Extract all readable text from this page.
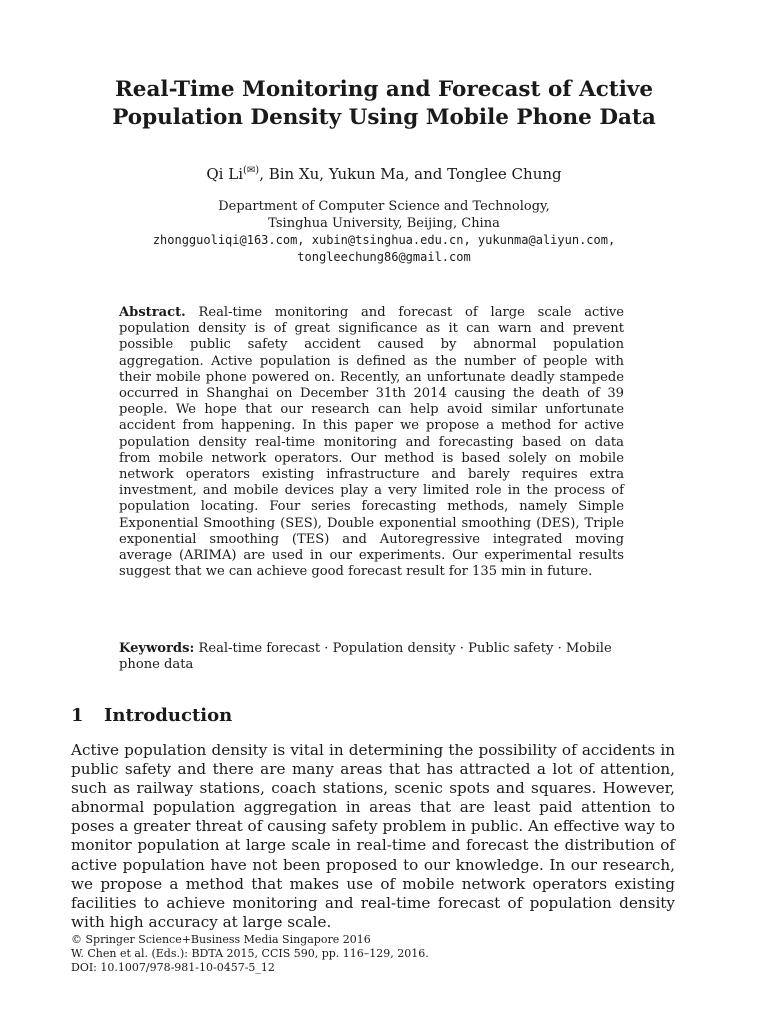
Real-Time Monitoring and Forecast of Active
Population Density Using Mobile Phone Data
Qi Li(✉), Bin Xu, Yukun Ma, and Tonglee Chung
Department of Computer Science and Technology,
Tsinghua University, Beijing, China
zhongguoliqi@163.com, xubin@tsinghua.edu.cn, yukunma@aliyun.com,
tongleechung86@gmail.com
Abstract. Real-time monitoring and forecast of large scale active population density is of great significance as it can warn and prevent possible public safety accident caused by abnormal population aggregation. Active population is defined as the number of people with their mobile phone powered on. Recently, an unfortunate deadly stampede occurred in Shanghai on December 31th 2014 causing the death of 39 people. We hope that our research can help avoid similar unfortunate accident from happening. In this paper we propose a method for active population density real-time monitoring and forecasting based on data from mobile network operators. Our method is based solely on mobile network operators existing infrastructure and barely requires extra investment, and mobile devices play a very limited role in the process of population locating. Four series forecasting methods, namely Simple Exponential Smoothing (SES), Double exponential smoothing (DES), Triple exponential smoothing (TES) and Autoregressive integrated moving average (ARIMA) are used in our experiments. Our experimental results suggest that we can achieve good forecast result for 135 min in future.
Keywords: Real-time forecast · Population density · Public safety · Mobile phone data
1 Introduction

Active population density is vital in determining the possibility of accidents in public safety and there are many areas that has attracted a lot of attention, such as railway stations, coach stations, scenic spots and squares. However, abnormal population aggregation in areas that are least paid attention to poses a greater threat of causing safety problem in public. An effective way to monitor population at large scale in real-time and forecast the distribution of active population have not been proposed to our knowledge. In our research, we propose a method that makes use of mobile network operators existing facilities to achieve monitoring and real-time forecast of population density with high accuracy at large scale.

© Springer Science+Business Media Singapore 2016
W. Chen et al. (Eds.): BDTA 2015, CCIS 590, pp. 116–129, 2016.
DOI: 10.1007/978-981-10-0457-5_12
